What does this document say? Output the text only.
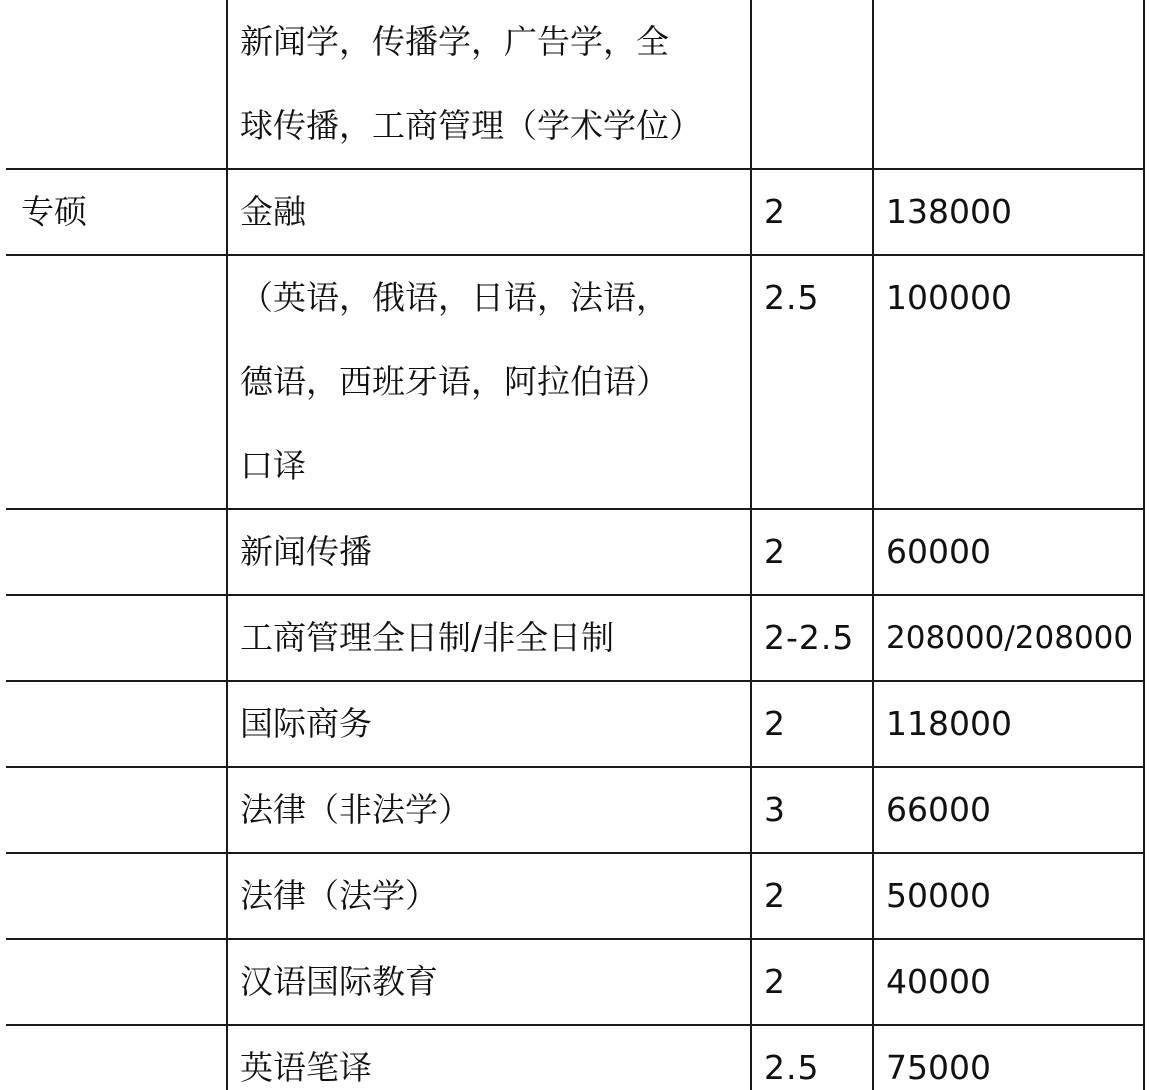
	新闻学，传播学，广告学，全
球传播，工商管理（学术学位）		

专硕	金融	2	138000

	（英语，俄语，日语，法语，
德语，西班牙语，阿拉伯语）
口译	2.5	100000

	新闻传播	2	60000

	工商管理全日制/非全日制	2-2.5	208000/208000

	国际商务	2	118000

	法律（非法学）	3	66000

	法律（法学）	2	50000

	汉语国际教育	2	40000

	英语笔译	2.5	75000
